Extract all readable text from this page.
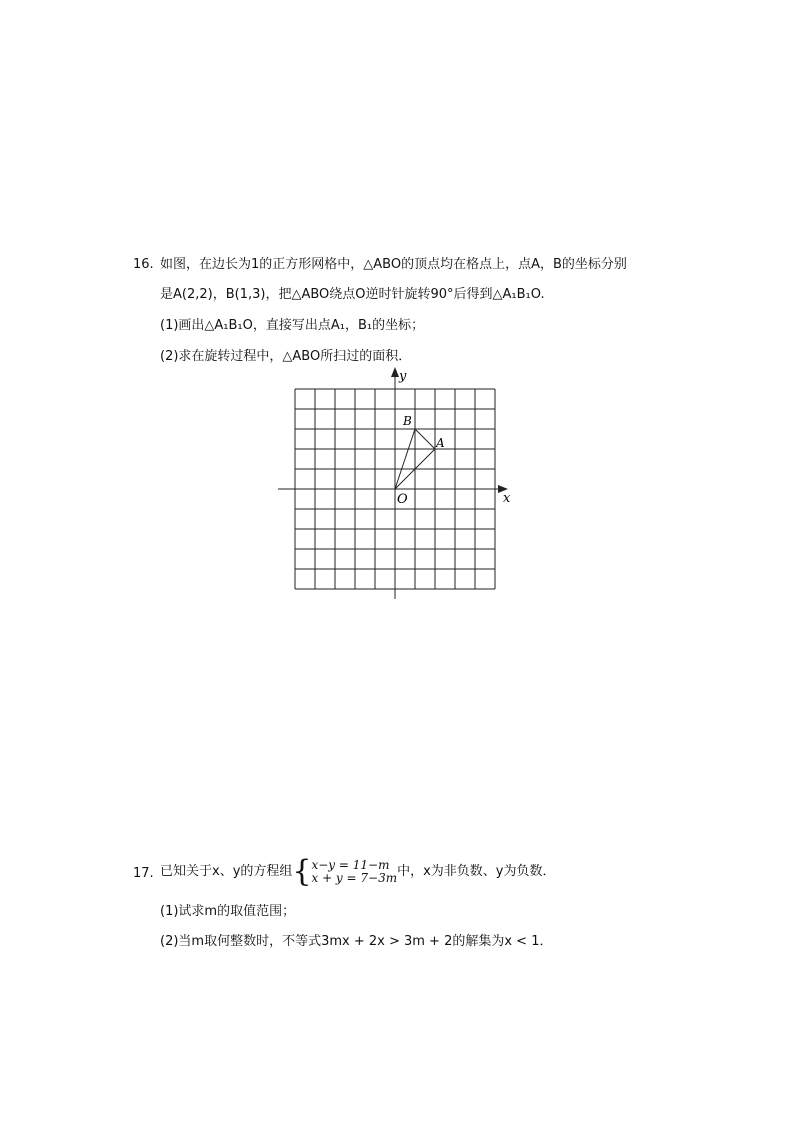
16. 如图，在边长为1的正方形网格中，△ABO的顶点均在格点上，点A，B的坐标分别
是A(2,2)，B(1,3)，把△ABO绕点O逆时针旋转90°后得到△A₁B₁O.
(1)画出△A₁B₁O，直接写出点A₁，B₁的坐标；
(2)求在旋转过程中，△ABO所扫过的面积．
x
y
O
A
B
17. 已知关于x、y的方程组 { x−y = 11−m
x + y = 7−3m 中，x为非负数、y为负数．
(1)试求m的取值范围；
(2)当m取何整数时，不等式3mx + 2x > 3m + 2的解集为x < 1．
